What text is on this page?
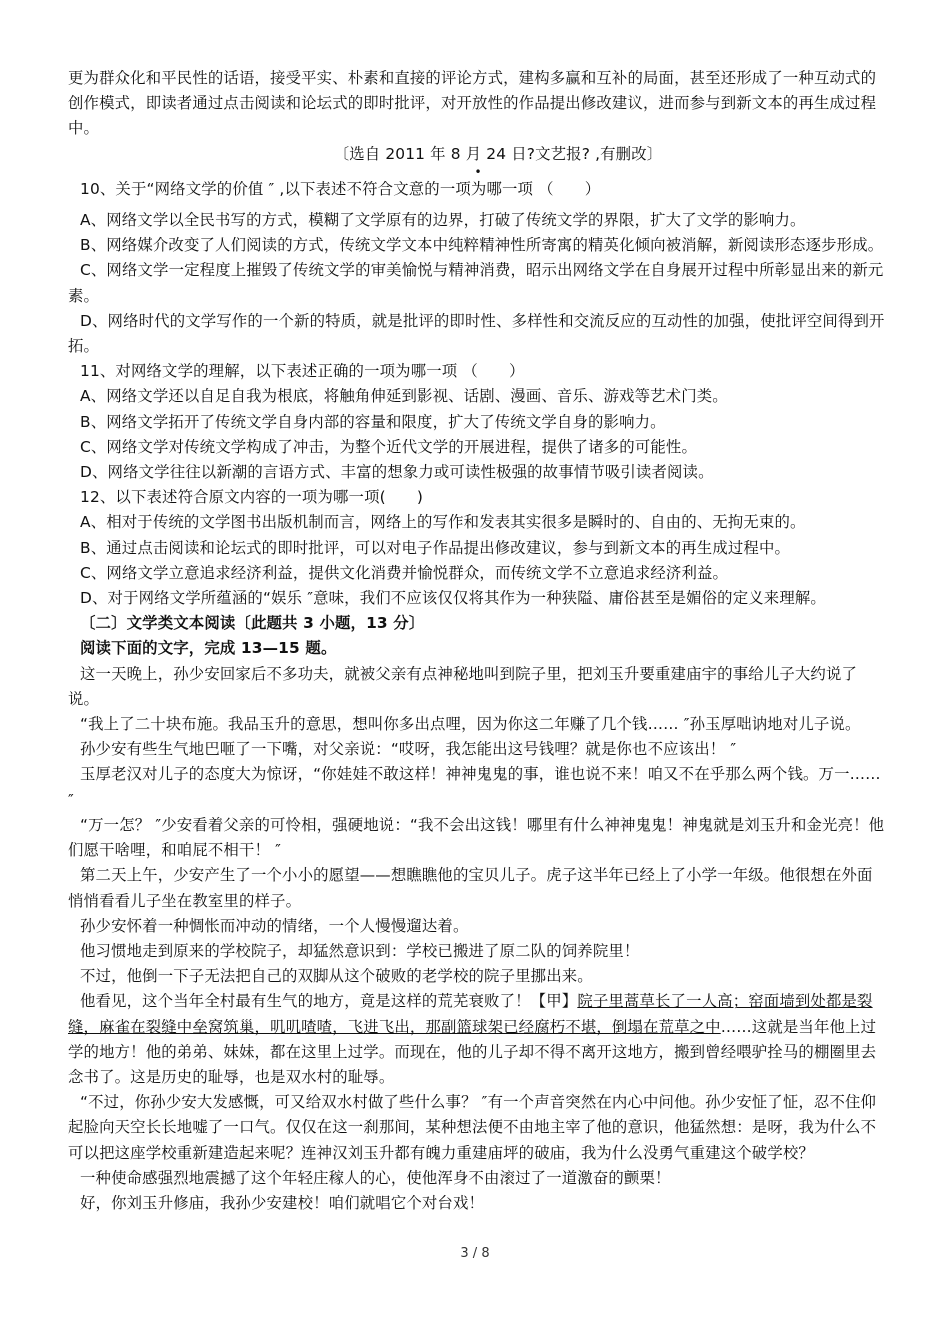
更为群众化和平民性的话语，接受平实、朴素和直接的评论方式，建构多赢和互补的局面，甚至还形成了一种互动式的创作模式，即读者通过点击阅读和论坛式的即时批评，对开放性的作品提出修改建议，进而参与到新文本的再生成过程中。

〔选自 2011 年 8 月 24 日?文艺报? ,有删改〕

•

10、关于“网络文学的价值 ″ ,以下表述不符合文意的一项为哪一项 （　　）

A、网络文学以全民书写的方式，模糊了文学原有的边界，打破了传统文学的界限，扩大了文学的影响力。

B、网络媒介改变了人们阅读的方式，传统文学文本中纯粹精神性所寄寓的精英化倾向被消解，新阅读形态逐步形成。

C、网络文学一定程度上摧毁了传统文学的审美愉悦与精神消费，昭示出网络文学在自身展开过程中所彰显出来的新元素。

D、网络时代的文学写作的一个新的特质，就是批评的即时性、多样性和交流反应的互动性的加强，使批评空间得到开拓。

11、对网络文学的理解，以下表述正确的一项为哪一项 （　　）

A、网络文学还以自足自我为根底，将触角伸延到影视、话剧、漫画、音乐、游戏等艺术门类。

B、网络文学拓开了传统文学自身内部的容量和限度，扩大了传统文学自身的影响力。

C、网络文学对传统文学构成了冲击，为整个近代文学的开展进程，提供了诸多的可能性。

D、网络文学往往以新潮的言语方式、丰富的想象力或可读性极强的故事情节吸引读者阅读。

12、以下表述符合原文内容的一项为哪一项(　　)

A、相对于传统的文学图书出版机制而言，网络上的写作和发表其实很多是瞬时的、自由的、无拘无束的。

B、通过点击阅读和论坛式的即时批评，可以对电子作品提出修改建议，参与到新文本的再生成过程中。

C、网络文学立意追求经济利益，提供文化消费并愉悦群众，而传统文学不立意追求经济利益。

D、对于网络文学所蕴涵的“娱乐 ″意味，我们不应该仅仅将其作为一种狭隘、庸俗甚至是媚俗的定义来理解。

〔二〕文学类文本阅读〔此题共 3 小题，13 分〕

阅读下面的文字，完成 13—15 题。

这一天晚上，孙少安回家后不多功夫，就被父亲有点神秘地叫到院子里，把刘玉升要重建庙宇的事给儿子大约说了说。

“我上了二十块布施。我品玉升的意思，想叫你多出点哩，因为你这二年赚了几个钱…… ″孙玉厚咄讷地对儿子说。

孙少安有些生气地巴咂了一下嘴，对父亲说：“哎呀，我怎能出这号钱哩？就是你也不应该出！ ″

玉厚老汉对儿子的态度大为惊讶，“你娃娃不敢这样！神神鬼鬼的事，谁也说不来！咱又不在乎那么两个钱。万一…… ″

“万一怎？ ″少安看着父亲的可怜相，强硬地说：“我不会出这钱！哪里有什么神神鬼鬼！神鬼就是刘玉升和金光亮！他们愿干啥哩，和咱屁不相干！ ″

第二天上午，少安产生了一个小小的愿望——想瞧瞧他的宝贝儿子。虎子这半年已经上了小学一年级。他很想在外面悄悄看看儿子坐在教室里的样子。

孙少安怀着一种惆怅而冲动的情绪，一个人慢慢遛达着。

他习惯地走到原来的学校院子，却猛然意识到：学校已搬进了原二队的饲养院里！

不过，他倒一下子无法把自己的双脚从这个破败的老学校的院子里挪出来。

他看见，这个当年全村最有生气的地方，竟是这样的荒芜衰败了！【甲】院子里蒿草长了一人高；窑面墙到处都是裂缝，麻雀在裂缝中垒窝筑巢，叽叽喳喳，飞进飞出，那副篮球架已经腐朽不堪，倒塌在荒草之中……这就是当年他上过学的地方！他的弟弟、妹妹，都在这里上过学。而现在，他的儿子却不得不离开这地方，搬到曾经喂驴拴马的棚圈里去念书了。这是历史的耻辱，也是双水村的耻辱。

“不过，你孙少安大发感慨，可又给双水村做了些什么事？ ″有一个声音突然在内心中问他。孙少安怔了怔，忍不住仰起脸向天空长长地嘘了一口气。仅仅在这一刹那间，某种想法便不由地主宰了他的意识，他猛然想：是呀，我为什么不可以把这座学校重新建造起来呢？连神汉刘玉升都有魄力重建庙坪的破庙，我为什么没勇气重建这个破学校？

一种使命感强烈地震撼了这个年轻庄稼人的心，使他浑身不由滚过了一道激奋的颤栗！

好，你刘玉升修庙，我孙少安建校！咱们就唱它个对台戏！

3 / 8
